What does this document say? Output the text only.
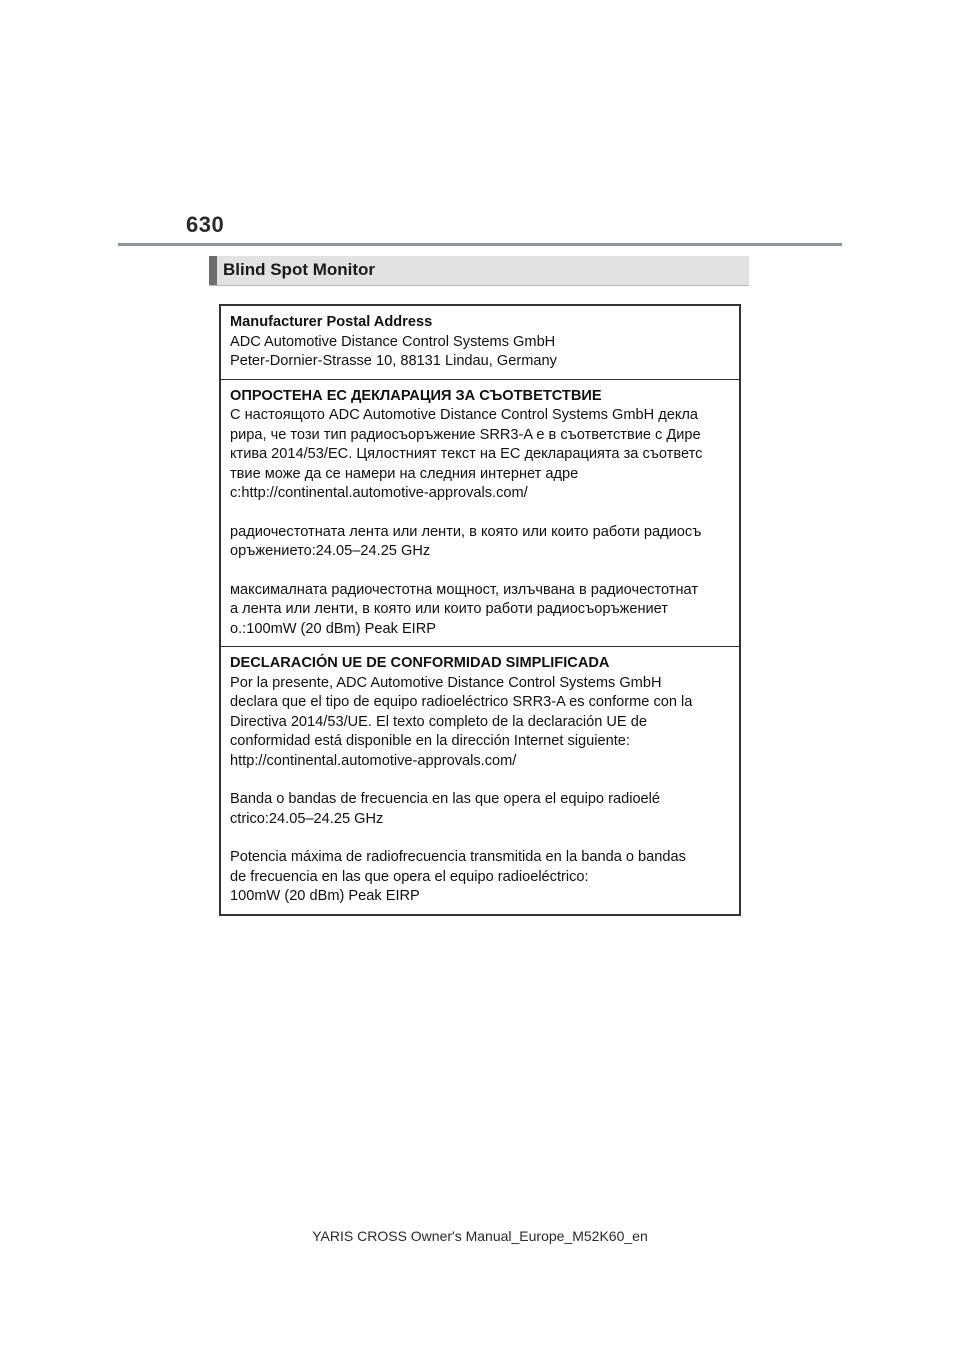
630
Blind Spot Monitor

Manufacturer Postal Address

ADC Automotive Distance Control Systems GmbH

Peter-Dornier-Strasse 10, 88131 Lindau, Germany

ОПРОСТЕНА ЕС ДЕКЛАРАЦИЯ ЗА СЪОТВЕТСТВИЕ

С настоящото ADC Automotive Distance Control Systems GmbH декла

рира, че този тип радиосъоръжение SRR3-A е в съответствие с Дире

ктива 2014/53/ЕС. Цялостният текст на ЕС декларацията за съответс

твие може да се намери на следния интернет адре

с:http://continental.automotive-approvals.com/

радиочестотната лента или ленти, в която или които работи радиосъ

оръжението:24.05–24.25 GHz

максималната радиочестотна мощност, излъчвана в радиочестотнат

а лента или ленти, в която или които работи радиосъоръжениет

о.:100mW (20 dBm) Peak EIRP

DECLARACIÓN UE DE CONFORMIDAD SIMPLIFICADA

Por la presente, ADC Automotive Distance Control Systems GmbH

declara que el tipo de equipo radioeléctrico SRR3-A es conforme con la

Directiva 2014/53/UE. El texto completo de la declaración UE de

conformidad está disponible en la dirección Internet siguiente:

http://continental.automotive-approvals.com/

Banda o bandas de frecuencia en las que opera el equipo radioelé

ctrico:24.05–24.25 GHz

Potencia máxima de radiofrecuencia transmitida en la banda o bandas

de frecuencia en las que opera el equipo radioeléctrico:

100mW (20 dBm) Peak EIRP

YARIS CROSS Owner's Manual_Europe_M52K60_en
